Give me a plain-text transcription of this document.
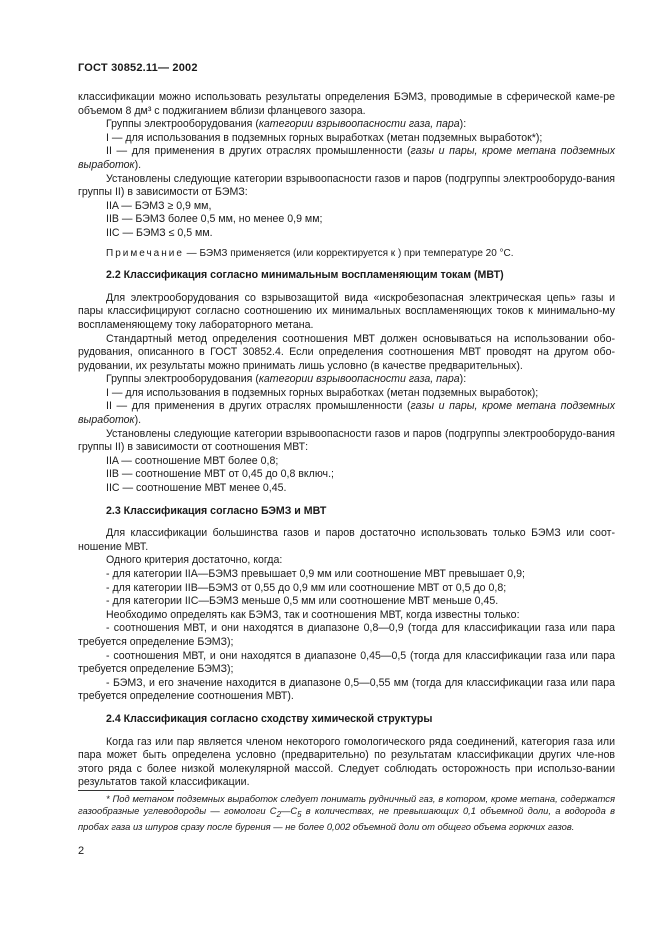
ГОСТ 30852.11— 2002

классификации можно использовать результаты определения БЭМЗ, проводимые в сферической каме-ре объемом 8 дм³ с поджиганием вблизи фланцевого зазора.

Группы электрооборудования (категории взрывоопасности газа, пара):

I — для использования в подземных горных выработках (метан подземных выработок*);

II — для применения в других отраслях промышленности (газы и пары, кроме метана подземных выработок).

Установлены следующие категории взрывоопасности газов и паров (подгруппы электрооборудо-вания группы II) в зависимости от БЭМЗ:

IIA — БЭМЗ ≥ 0,9 мм,

IIB — БЭМЗ более 0,5 мм, но менее 0,9 мм;

IIC — БЭМЗ ≤ 0,5 мм.

Примечание — БЭМЗ применяется (или корректируется к ) при температуре 20 °С.

2.2 Классификация согласно минимальным воспламеняющим токам (МВТ)

Для электрооборудования со взрывозащитой вида «искробезопасная электрическая цепь» газы и пары классифицируют согласно соотношению их минимальных воспламеняющих токов к минимально-му воспламеняющему току лабораторного метана.

Стандартный метод определения соотношения МВТ должен основываться на использовании обо-рудования, описанного в ГОСТ 30852.4. Если определения соотношения МВТ проводят на другом обо-рудовании, их результаты можно принимать лишь условно (в качестве предварительных).

Группы электрооборудования (категории взрывоопасности газа, пара):

I — для использования в подземных горных выработках (метан подземных выработок);

II — для применения в других отраслях промышленности (газы и пары, кроме метана подземных выработок).

Установлены следующие категории взрывоопасности газов и паров (подгруппы электрооборудо-вания группы II) в зависимости от соотношения МВТ:

IIA — соотношение МВТ более 0,8;

IIB — соотношение МВТ от 0,45 до 0,8 включ.;

IIC — соотношение МВТ менее 0,45.

2.3 Классификация согласно БЭМЗ и МВТ

Для классификации большинства газов и паров достаточно использовать только БЭМЗ или соот-ношение МВТ.

Одного критерия достаточно, когда:

- для категории IIA—БЭМЗ превышает 0,9 мм или соотношение МВТ превышает 0,9;

- для категории IIB—БЭМЗ от 0,55 до 0,9 мм или соотношение МВТ от 0,5 до 0,8;

- для категории IIC—БЭМЗ меньше 0,5 мм или соотношение МВТ меньше 0,45.

Необходимо определять как БЭМЗ, так и соотношения МВТ, когда известны только:

- соотношения МВТ, и они находятся в диапазоне 0,8—0,9 (тогда для классификации газа или пара требуется определение БЭМЗ);

- соотношения МВТ, и они находятся в диапазоне 0,45—0,5 (тогда для классификации газа или пара требуется определение БЭМЗ);

- БЭМЗ, и его значение находится в диапазоне 0,5—0,55 мм (тогда для классификации газа или пара требуется определение соотношения МВТ).

2.4 Классификация согласно сходству химической структуры

Когда газ или пар является членом некоторого гомологического ряда соединений, категория газа или пара может быть определена условно (предварительно) по результатам классификации других чле-нов этого ряда с более низкой молекулярной массой. Следует соблюдать осторожность при использо-вании результатов такой классификации.

* Под метаном подземных выработок следует понимать рудничный газ, в котором, кроме метана, содержатся газообразные углеводороды — гомологи $C_2—C_5$ в количествах, не превышающих 0,1 объемной доли, а водорода в пробах газа из шпуров сразу после бурения — не более 0,002 объемной доли от общего объема горючих газов.

2
